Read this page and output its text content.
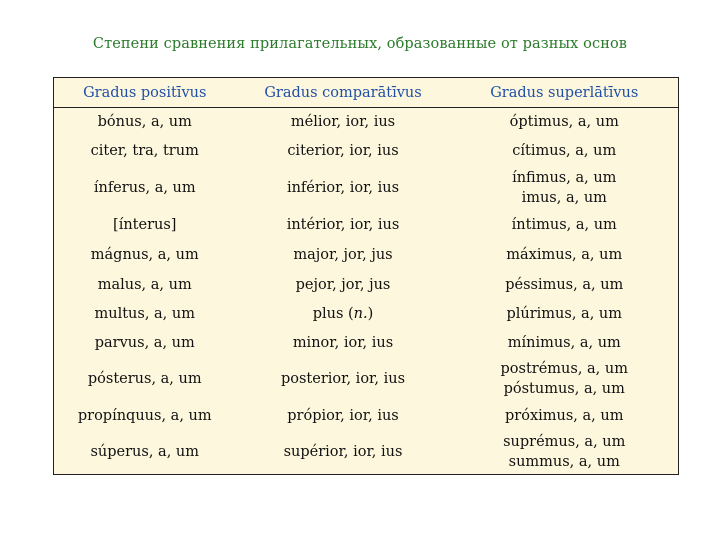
Степени сравнения прилагательных, образованные от разных основ
Gradus positīvus	Gradus comparātīvus	Gradus superlātīvus
bónus, a, um	mélior, ior, ius	óptimus, a, um
citer, tra, trum	citerior, ior, ius	cítimus, a, um
ínferus, a, um	inférior, ior, ius	ínfimus, a, um
imus, a, um

[ínterus]	intérior, ior, ius	íntimus, a, um
mágnus, a, um	major, jor, jus	máximus, a, um
malus, a, um	pejor, jor, jus	péssimus, a, um
multus, a, um	plus (n.)	plúrimus, a, um
parvus, a, um	minor, ior, ius	mínimus, a, um
pósterus, a, um	posterior, ior, ius	postrémus, a, um
póstumus, a, um

propínquus, a, um	própior, ior, ius	próximus, a, um
súperus, a, um	supérior, ior, ius	suprémus, a, um
summus, a, um
